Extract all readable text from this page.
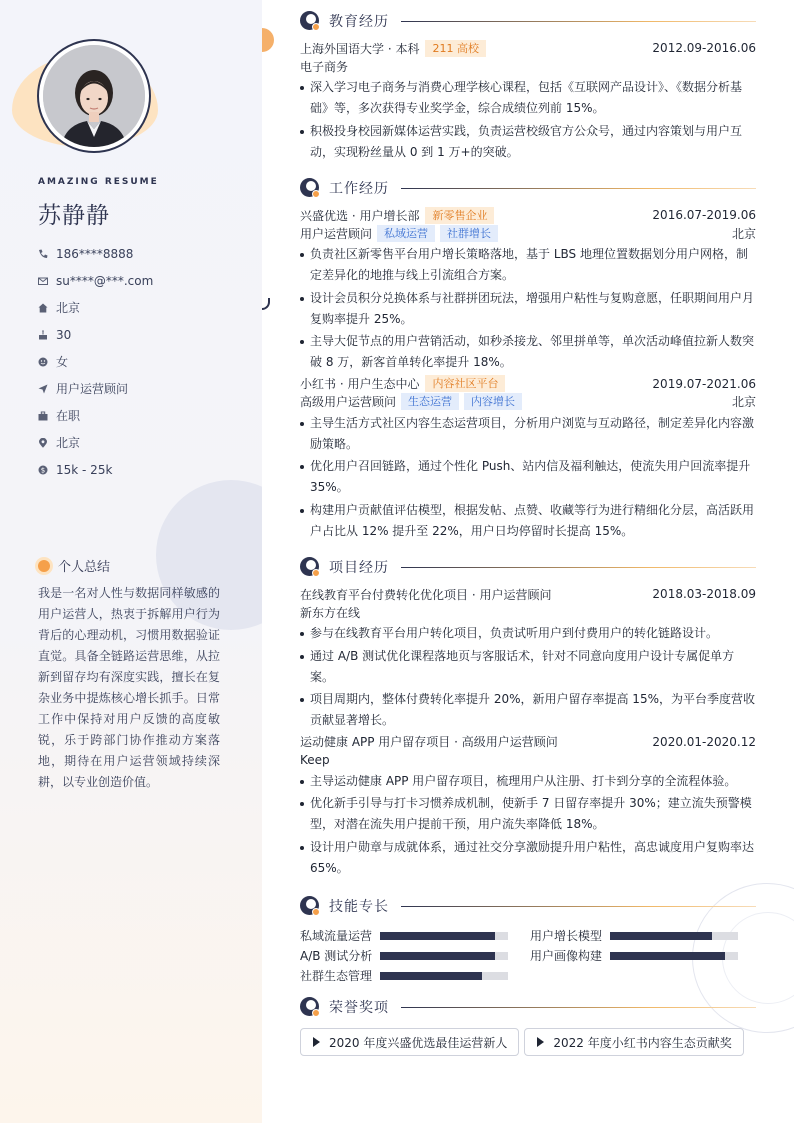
AMAZING RESUME
苏静静
186****8888
su****@***.com
北京
30
女
用户运营顾问
在职
北京
$ 15k - 25k
个人总结

我是一名对人性与数据同样敏感的用户运营人，热衷于拆解用户行为背后的心理动机，习惯用数据验证直觉。具备全链路运营思维，从拉新到留存均有深度实践，擅长在复杂业务中提炼核心增长抓手。日常工作中保持对用户反馈的高度敏锐，乐于跨部门协作推动方案落地，期待在用户运营领域持续深耕，以专业创造价值。

教育经历
上海外国语大学 · 本科	211 高校	2012.09-2016.06
电子商务
深入学习电子商务与消费心理学核心课程，包括《互联网产品设计》、《数据分析基础》等，多次获得专业奖学金，综合成绩位列前 15%。
积极投身校园新媒体运营实践，负责运营校级官方公众号，通过内容策划与用户互动，实现粉丝量从 0 到 1 万+的突破。
工作经历
兴盛优选 · 用户增长部	新零售企业	2016.07-2019.06
用户运营顾问	私域运营	社群增长	北京
负责社区新零售平台用户增长策略落地，基于 LBS 地理位置数据划分用户网格，制定差异化的地推与线上引流组合方案。
设计会员积分兑换体系与社群拼团玩法，增强用户粘性与复购意愿，任职期间用户月复购率提升 25%。
主导大促节点的用户营销活动，如秒杀接龙、邻里拼单等，单次活动峰值拉新人数突破 8 万，新客首单转化率提升 18%。
小红书 · 用户生态中心	内容社区平台	2019.07-2021.06
高级用户运营顾问	生态运营	内容增长	北京
主导生活方式社区内容生态运营项目，分析用户浏览与互动路径，制定差异化内容激励策略。
优化用户召回链路，通过个性化 Push、站内信及福利触达，使流失用户回流率提升 35%。
构建用户贡献值评估模型，根据发帖、点赞、收藏等行为进行精细化分层，高活跃用户占比从 12% 提升至 22%，用户日均停留时长提高 15%。
项目经历
在线教育平台付费转化优化项目 · 用户运营顾问	2018.03-2018.09
新东方在线
参与在线教育平台用户转化项目，负责试听用户到付费用户的转化链路设计。
通过 A/B 测试优化课程落地页与客服话术，针对不同意向度用户设计专属促单方案。
项目周期内，整体付费转化率提升 20%，新用户留存率提高 15%，为平台季度营收贡献显著增长。
运动健康 APP 用户留存项目 · 高级用户运营顾问	2020.01-2020.12
Keep
主导运动健康 APP 用户留存项目，梳理用户从注册、打卡到分享的全流程体验。
优化新手引导与打卡习惯养成机制，使新手 7 日留存率提升 30%；建立流失预警模型，对潜在流失用户提前干预，用户流失率降低 18%。
设计用户勋章与成就体系，通过社交分享激励提升用户粘性，高忠诚度用户复购率达 65%。
技能专长
私域流量运营	用户增长模型
A/B 测试分析	用户画像构建
社群生态管理
荣誉奖项
2020 年度兴盛优选最佳运营新人	2022 年度小红书内容生态贡献奖
